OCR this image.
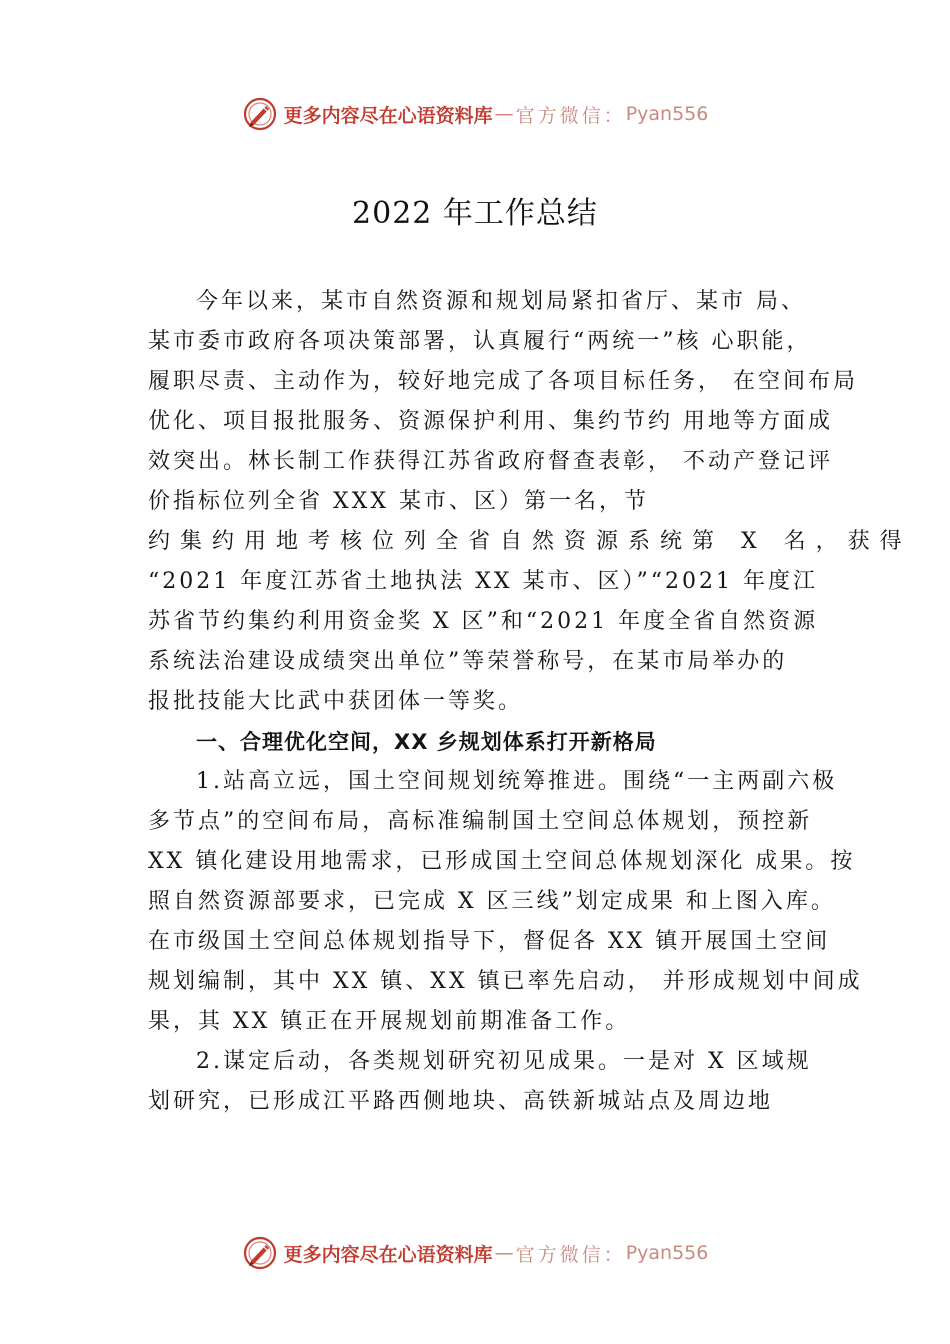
更多内容尽在心语资料库 — 官方微信： Pyan556
2022 年工作总结
今年以来，某市自然资源和规划局紧扣省厅、某市 局、
某市委市政府各项决策部署，认真履行“两统一”核 心职能，
履职尽责、主动作为，较好地完成了各项目标任务， 在空间布局
优化、项目报批服务、资源保护利用、集约节约 用地等方面成
效突出。林长制工作获得江苏省政府督查表彰， 不动产登记评
价指标位列全省 XXX 某市、区）第一名，节
约集约用地考核位列全省自然资源系统第 X 名，获得
“2021 年度江苏省土地执法 XX 某市、区）”“2021 年度江
苏省节约集约利用资金奖 X 区”和“2021 年度全省自然资源
系统法治建设成绩突出单位”等荣誉称号，在某市局举办的
报批技能大比武中获团体一等奖。
一、合理优化空间，XX 乡规划体系打开新格局
1.站高立远，国土空间规划统筹推进。围绕“一主两副六极
多节点”的空间布局，高标准编制国土空间总体规划，预控新
XX 镇化建设用地需求，已形成国土空间总体规划深化 成果。按
照自然资源部要求，已完成 X 区三线”划定成果 和上图入库。
在市级国土空间总体规划指导下，督促各 XX 镇开展国土空间
规划编制，其中 XX 镇、XX 镇已率先启动， 并形成规划中间成
果，其 XX 镇正在开展规划前期准备工作。
2.谋定后动，各类规划研究初见成果。一是对 X 区域规
划研究，已形成江平路西侧地块、高铁新城站点及周边地
更多内容尽在心语资料库 — 官方微信： Pyan556
